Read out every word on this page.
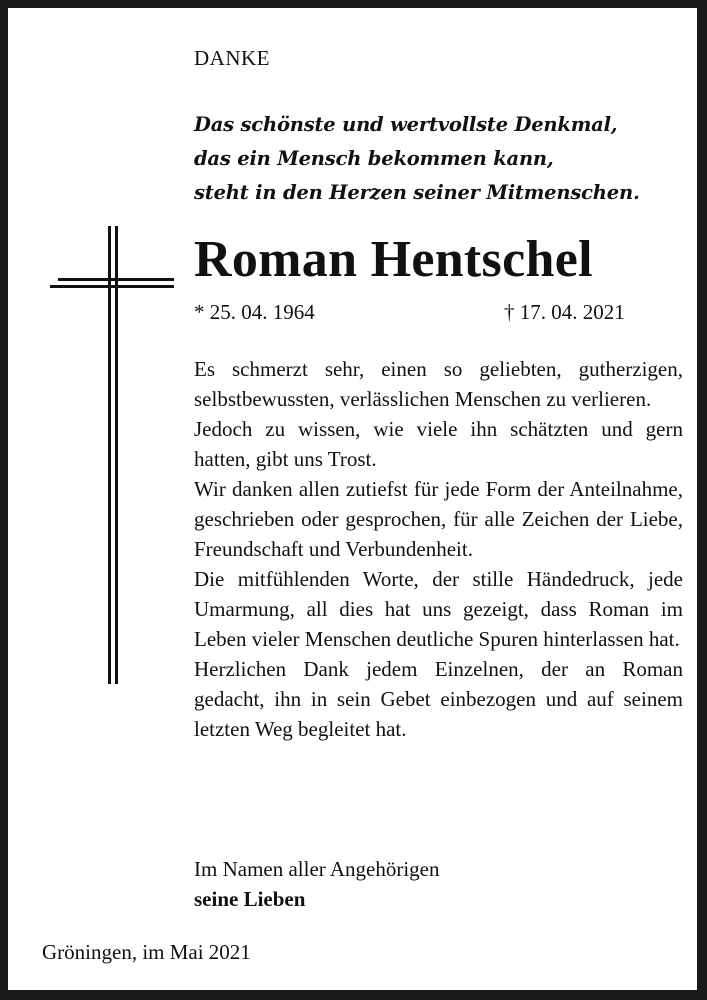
DANKE
Das schönste und wertvollste Denkmal,
das ein Mensch bekommen kann,
steht in den Herzen seiner Mitmenschen.
Roman Hentschel
* 25. 04. 1964	† 17. 04. 2021

Es schmerzt sehr, einen so geliebten, gutherzigen, selbstbewussten, verlässlichen Menschen zu verlieren.

Jedoch zu wissen, wie viele ihn schätzten und gern hatten, gibt uns Trost.

Wir danken allen zutiefst für jede Form der Anteilnahme, geschrieben oder gesprochen, für alle Zeichen der Liebe, Freundschaft und Verbundenheit.

Die mitfühlenden Worte, der stille Händedruck, jede Umarmung, all dies hat uns gezeigt, dass Roman im Leben vieler Menschen deutliche Spuren hinterlassen hat.

Herzlichen Dank jedem Einzelnen, der an Roman gedacht, ihn in sein Gebet einbezogen und auf seinem letzten Weg begleitet hat.

Im Namen aller Angehörigen
seine Lieben
Gröningen, im Mai 2021
